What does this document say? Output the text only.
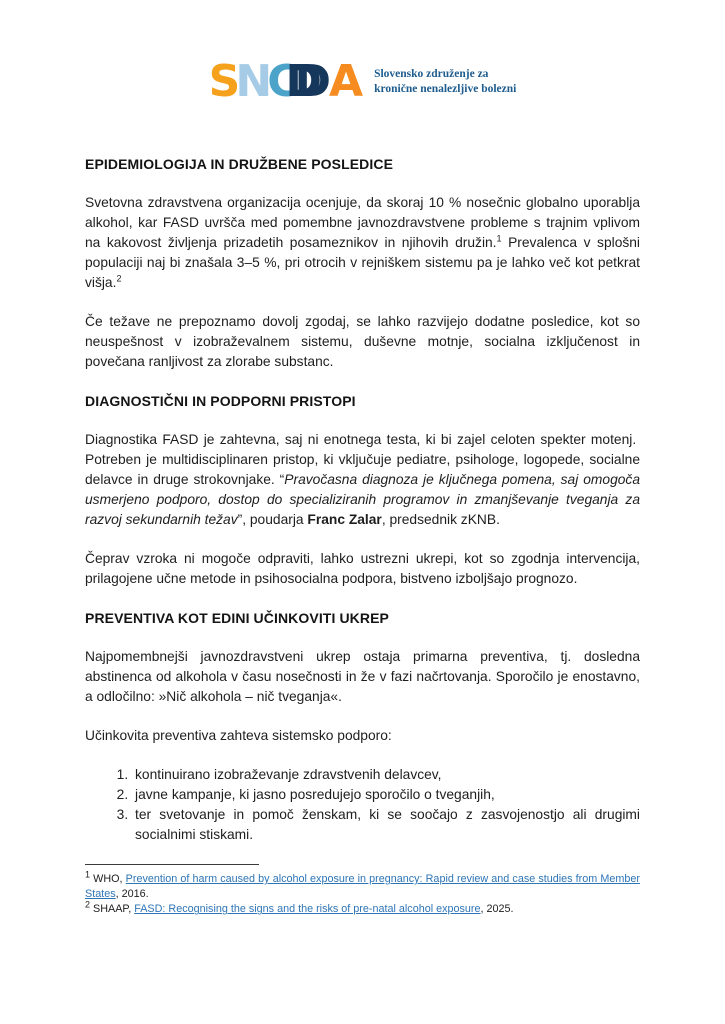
SNCDA Slovensko združenje za
kronične nenalezljive bolezni
EPIDEMIOLOGIJA IN DRUŽBENE POSLEDICE

Svetovna zdravstvena organizacija ocenjuje, da skoraj 10 % nosečnic globalno uporablja alkohol, kar FASD uvršča med pomembne javnozdravstvene probleme s trajnim vplivom na kakovost življenja prizadetih posameznikov in njihovih družin.$^1$ Prevalenca v splošni populaciji naj bi znašala 3–5 %, pri otrocih v rejniškem sistemu pa je lahko več kot petkrat višja.$^2$

Če težave ne prepoznamo dovolj zgodaj, se lahko razvijejo dodatne posledice, kot so neuspešnost v izobraževalnem sistemu, duševne motnje, socialna izključenost in povečana ranljivost za zlorabe substanc.

DIAGNOSTIČNI IN PODPORNI PRISTOPI

Diagnostika FASD je zahtevna, saj ni enotnega testa, ki bi zajel celoten spekter motenj.  Potreben je multidisciplinaren pristop, ki vključuje pediatre, psihologe, logopede, socialne delavce in druge strokovnjake. “Pravočasna diagnoza je ključnega pomena, saj omogoča usmerjeno podporo, dostop do specializiranih programov in zmanjševanje tveganja za razvoj sekundarnih težav”, poudarja Franc Zalar, predsednik zKNB.

Čeprav vzroka ni mogoče odpraviti, lahko ustrezni ukrepi, kot so zgodnja intervencija, prilagojene učne metode in psihosocialna podpora, bistveno izboljšajo prognozo.

PREVENTIVA KOT EDINI UČINKOVITI UKREP

Najpomembnejši javnozdravstveni ukrep ostaja primarna preventiva, tj. dosledna abstinenca od alkohola v času nosečnosti in že v fazi načrtovanja. Sporočilo je enostavno, a odločilno: »Nič alkohola – nič tveganja«.

Učinkovita preventiva zahteva sistemsko podporo:

1. kontinuirano izobraževanje zdravstvenih delavcev,
2. javne kampanje, ki jasno posredujejo sporočilo o tveganjih,
3. ter svetovanje in pomoč ženskam, ki se soočajo z zasvojenostjo ali drugimi socialnimi stiskami.

$^1$ WHO, Prevention of harm caused by alcohol exposure in pregnancy: Rapid review and case studies from Member States, 2016.

$^2$ SHAAP, FASD: Recognising the signs and the risks of pre-natal alcohol exposure, 2025.
